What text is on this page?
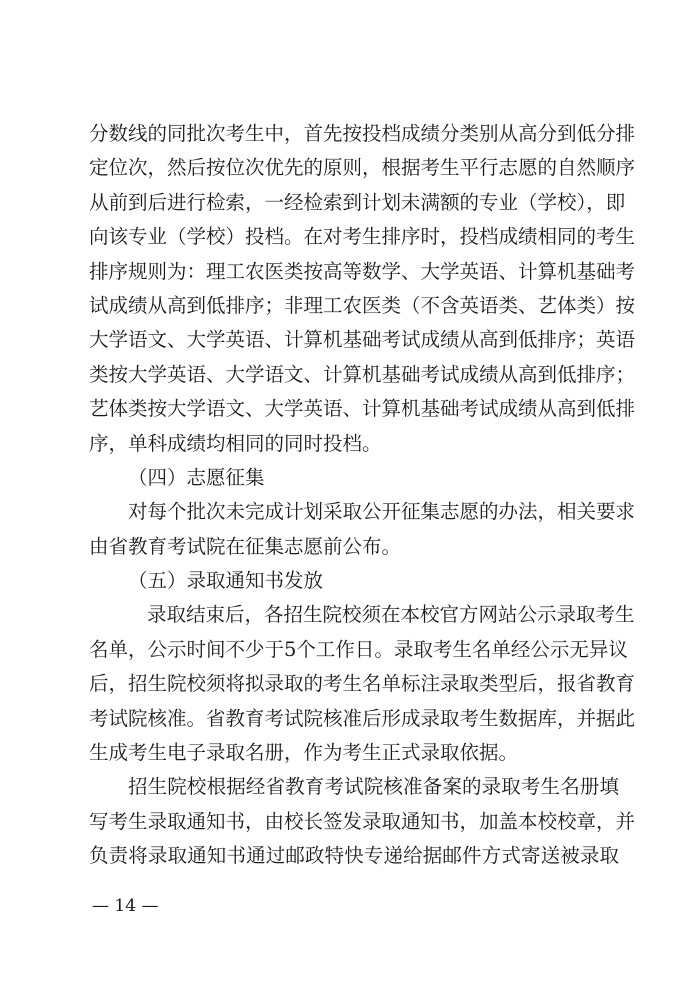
分数线的同批次考生中，首先按投档成绩分类别从高分到低分排
定位次，然后按位次优先的原则，根据考生平行志愿的自然顺序
从前到后进行检索，一经检索到计划未满额的专业（学校），即
向该专业（学校）投档。在对考生排序时，投档成绩相同的考生
排序规则为：理工农医类按高等数学、大学英语、计算机基础考
试成绩从高到低排序；非理工农医类（不含英语类、艺体类）按
大学语文、大学英语、计算机基础考试成绩从高到低排序；英语
类按大学英语、大学语文、计算机基础考试成绩从高到低排序；
艺体类按大学语文、大学英语、计算机基础考试成绩从高到低排
序，单科成绩均相同的同时投档。
（四）志愿征集
对每个批次未完成计划采取公开征集志愿的办法，相关要求
由省教育考试院在征集志愿前公布。
（五）录取通知书发放
录取结束后，各招生院校须在本校官方网站公示录取考生
名单，公示时间不少于5个工作日。录取考生名单经公示无异议
后，招生院校须将拟录取的考生名单标注录取类型后，报省教育
考试院核准。省教育考试院核准后形成录取考生数据库，并据此
生成考生电子录取名册，作为考生正式录取依据。
招生院校根据经省教育考试院核准备案的录取考生名册填
写考生录取通知书，由校长签发录取通知书，加盖本校校章，并
负责将录取通知书通过邮政特快专递给据邮件方式寄送被录取
— 14 —
